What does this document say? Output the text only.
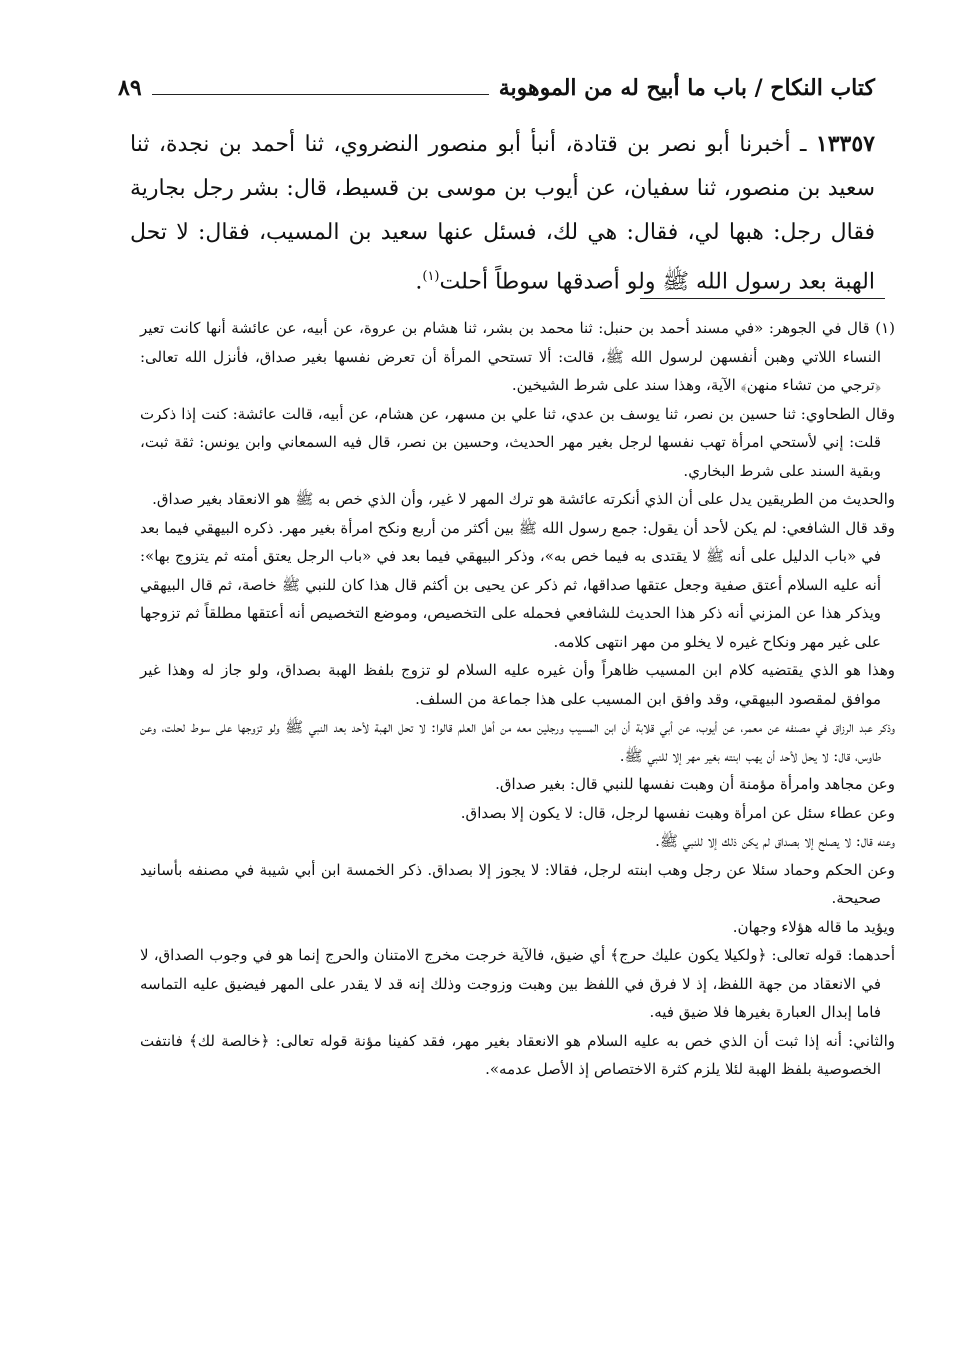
كتاب النكاح / باب ما أبيح له من الموهوبة
٨٩
١٣٣٥٧ ـ أخبرنا أبو نصر بن قتادة، أنبأ أبو منصور النضروي، ثنا أحمد بن نجدة، ثنا سعيد بن منصور، ثنا سفيان، عن أيوب بن موسى بن قسيط، قال: بشر رجل بجارية فقال رجل: هبها لي، فقال: هي لك، فسئل عنها سعيد بن المسيب، فقال: لا تحل الهبة بعد رسول الله ﷺ ولو أصدقها سوطاً أحلت$^{(١)}$.

(١) قال في الجوهر: «في مسند أحمد بن حنبل: ثنا محمد بن بشر، ثنا هشام بن عروة، عن أبيه، عن عائشة أنها كانت تعير النساء اللاتي وهبن أنفسهن لرسول الله ﷺ، قالت: ألا تستحي المرأة أن تعرض نفسها بغير صداق، فأنزل الله تعالى: ﴿ترجي من تشاء منهن﴾ الآية، وهذا سند على شرط الشيخين.

وقال الطحاوي: ثنا حسين بن نصر، ثنا يوسف بن عدي، ثنا علي بن مسهر، عن هشام، عن أبيه، قالت عائشة: كنت إذا ذكرت قلت: إني لأستحي امرأة تهب نفسها لرجل بغير مهر الحديث، وحسين بن نصر، قال فيه السمعاني وابن يونس: ثقة ثبت، وبقية السند على شرط البخاري.

والحديث من الطريقين يدل على أن الذي أنكرته عائشة هو ترك المهر لا غير، وأن الذي خص به ﷺ هو الانعقاد بغير صداق.

وقد قال الشافعي: لم يكن لأحد أن يقول: جمع رسول الله ﷺ بين أكثر من أربع ونكح امرأة بغير مهر. ذكره البيهقي فيما بعد في «باب الدليل على أنه ﷺ لا يقتدى به فيما خص به»، وذكر البيهقي فيما بعد في «باب الرجل يعتق أمته ثم يتزوج بها»: أنه عليه السلام أعتق صفية وجعل عتقها صداقها، ثم ذكر عن يحيى بن أكثم قال هذا كان للنبي ﷺ خاصة، ثم قال البيهقي ويذكر هذا عن المزني أنه ذكر هذا الحديث للشافعي فحمله على التخصيص، وموضع التخصيص أنه أعتقها مطلقاً ثم تزوجها على غير مهر ونكاح غيره لا يخلو من مهر انتهى كلامه.

وهذا هو الذي يقتضيه كلام ابن المسيب ظاهراً وأن غيره عليه السلام لو تزوج بلفظ الهبة بصداق، ولو جاز له وهذا غير موافق لمقصود البيهقي، وقد وافق ابن المسيب على هذا جماعة من السلف.

وذكر عبد الرزاق في مصنفه عن معمر، عن أيوب، عن أبي قلابة أن ابن المسيب ورجلين معه من أهل العلم قالوا: لا تحل الهبة لأحد بعد النبي ﷺ ولو تزوجها على سوط لحلت، وعن طاوس، قال: لا يحل لأحد أن يهب ابنته بغير مهر إلا للنبي ﷺ.

وعن مجاهد وامرأة مؤمنة أن وهبت نفسها للنبي قال: بغير صداق.

وعن عطاء سئل عن امرأة وهبت نفسها لرجل، قال: لا يكون إلا بصداق.

وعنه قال: لا يصلح إلا بصداق لم يكن ذلك إلا للنبي ﷺ.

وعن الحكم وحماد سئلا عن رجل وهب ابنته لرجل، فقالا: لا يجوز إلا بصداق. ذكر الخمسة ابن أبي شيبة في مصنفه بأسانيد صحيحة.

ويؤيد ما قاله هؤلاء وجهان.

أحدهما: قوله تعالى: ﴿ولكيلا يكون عليك حرج﴾ أي ضيق، فالآية خرجت مخرج الامتنان والحرج إنما هو في وجوب الصداق، لا في الانعقاد من جهة اللفظ، إذ لا فرق في اللفظ بين وهبت وزوجت وذلك إنه قد لا يقدر على المهر فيضيق عليه التماسه فاما إبدال العبارة بغيرها فلا ضيق فيه.

والثاني: أنه إذا ثبت أن الذي خص به عليه السلام هو الانعقاد بغير مهر، فقد كفينا مؤنة قوله تعالى: ﴿خالصة لك﴾ فانتفت الخصوصية بلفظ الهبة لئلا يلزم كثرة الاختصاص إذ الأصل عدمه».
